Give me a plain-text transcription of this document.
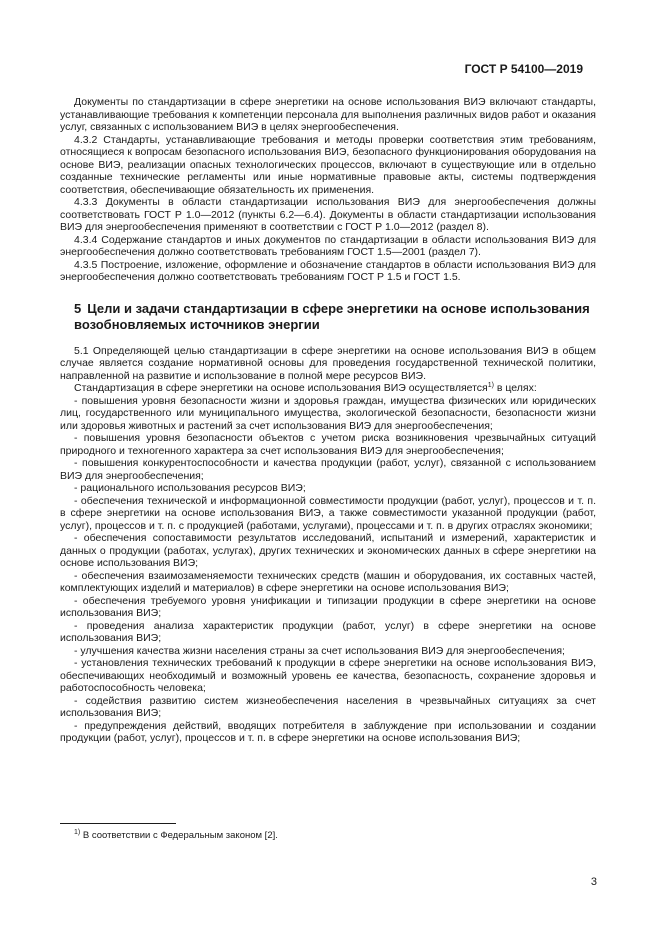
ГОСТ Р 54100—2019

Документы по стандартизации в сфере энергетики на основе использования ВИЭ включают стандарты, устанавливающие требования к компетенции персонала для выполнения различных видов работ и оказания услуг, связанных с использованием ВИЭ в целях энергообеспечения.

4.3.2 Стандарты, устанавливающие требования и методы проверки соответствия этим требованиям, относящиеся к вопросам безопасного использования ВИЭ, безопасного функционирования оборудования на основе ВИЭ, реализации опасных технологических процессов, включают в существующие или в отдельно созданные технические регламенты или иные нормативные правовые акты, системы подтверждения соответствия, обеспечивающие обязательность их применения.

4.3.3 Документы в области стандартизации использования ВИЭ для энергообеспечения должны соответствовать ГОСТ Р 1.0—2012 (пункты 6.2—6.4). Документы в области стандартизации использования ВИЭ для энергообеспечения применяют в соответствии с ГОСТ Р 1.0—2012 (раздел 8).

4.3.4 Содержание стандартов и иных документов по стандартизации в области использования ВИЭ для энергообеспечения должно соответствовать требованиям ГОСТ 1.5—2001 (раздел 7).

4.3.5 Построение, изложение, оформление и обозначение стандартов в области использования ВИЭ для энергообеспечения должно соответствовать требованиям ГОСТ Р 1.5 и ГОСТ 1.5.

5 Цели и задачи стандартизации в сфере энергетики на основе использования возобновляемых источников энергии

5.1 Определяющей целью стандартизации в сфере энергетики на основе использования ВИЭ в общем случае является создание нормативной основы для проведения государственной технической политики, направленной на развитие и использование в полной мере ресурсов ВИЭ.

Стандартизация в сфере энергетики на основе использования ВИЭ осуществляется$^{1)}$ в целях:

- повышения уровня безопасности жизни и здоровья граждан, имущества физических или юридических лиц, государственного или муниципального имущества, экологической безопасности, безопасности жизни или здоровья животных и растений за счет использования ВИЭ для энергообеспечения;

- повышения уровня безопасности объектов с учетом риска возникновения чрезвычайных ситуаций природного и техногенного характера за счет использования ВИЭ для энергообеспечения;

- повышения конкурентоспособности и качества продукции (работ, услуг), связанной с использованием ВИЭ для энергообеспечения;

- рационального использования ресурсов ВИЭ;

- обеспечения технической и информационной совместимости продукции (работ, услуг), процессов и т. п. в сфере энергетики на основе использования ВИЭ, а также совместимости указанной продукции (работ, услуг), процессов и т. п. с продукцией (работами, услугами), процессами и т. п. в других отраслях экономики;

- обеспечения сопоставимости результатов исследований, испытаний и измерений, характеристик и данных о продукции (работах, услугах), других технических и экономических данных в сфере энергетики на основе использования ВИЭ;

- обеспечения взаимозаменяемости технических средств (машин и оборудования, их составных частей, комплектующих изделий и материалов) в сфере энергетики на основе использования ВИЭ;

- обеспечения требуемого уровня унификации и типизации продукции в сфере энергетики на основе использования ВИЭ;

- проведения анализа характеристик продукции (работ, услуг) в сфере энергетики на основе использования ВИЭ;

- улучшения качества жизни населения страны за счет использования ВИЭ для энергообеспечения;

- установления технических требований к продукции в сфере энергетики на основе использования ВИЭ, обеспечивающих необходимый и возможный уровень ее качества, безопасность, сохранение здоровья и работоспособность человека;

- содействия развитию систем жизнеобеспечения населения в чрезвычайных ситуациях за счет использования ВИЭ;

- предупреждения действий, вводящих потребителя в заблуждение при использовании и создании продукции (работ, услуг), процессов и т. п. в сфере энергетики на основе использования ВИЭ;

$^{1)}$ В соответствии с Федеральным законом [2].
3
